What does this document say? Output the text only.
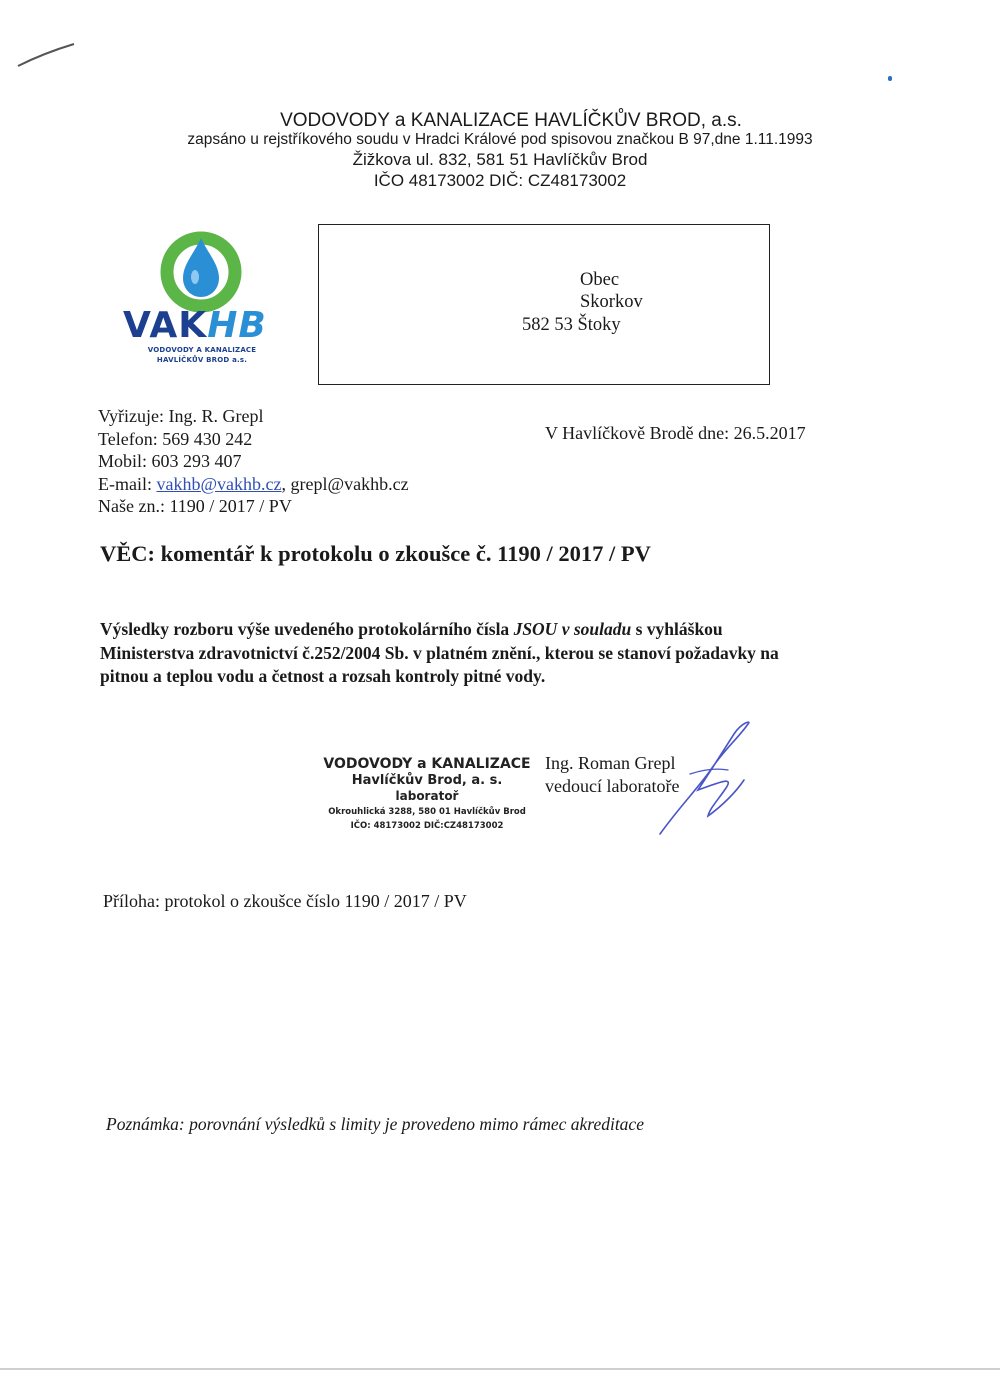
VODOVODY a KANALIZACE HAVLÍČKŮV BROD, a.s.
zapsáno u rejstříkového soudu v Hradci Králové pod spisovou značkou B 97,dne 1.11.1993
Žižkova ul. 832, 581 51 Havlíčkův Brod
IČO 48173002 DIČ: CZ48173002
VAKHB
VODOVODY A KANALIZACE
HAVLÍČKŮV BROD a.s.
Obec
Skorkov
582 53 Štoky
Vyřizuje: Ing. R. Grepl
Telefon: 569 430 242
Mobil: 603 293 407
E-mail: vakhb@vakhb.cz, grepl@vakhb.cz
Naše zn.: 1190 / 2017 / PV
V Havlíčkově Brodě dne: 26.5.2017
VĚC: komentář k protokolu o zkoušce č. 1190 / 2017 / PV
Výsledky rozboru výše uvedeného protokolárního čísla JSOU v souladu s vyhláškou
Ministerstva zdravotnictví č.252/2004 Sb. v platném znění., kterou se stanoví požadavky na
pitnou a teplou vodu a četnost a rozsah kontroly pitné vody.
VODOVODY a KANALIZACE
Havlíčkův Brod, a. s.
laboratoř
Okrouhlická 3288, 580 01 Havlíčkův Brod
IČO: 48173002 DIČ:CZ48173002
Ing. Roman Grepl
vedoucí laboratoře
Příloha: protokol o zkoušce číslo 1190 / 2017 / PV
Poznámka: porovnání výsledků s limity je provedeno mimo rámec akreditace
